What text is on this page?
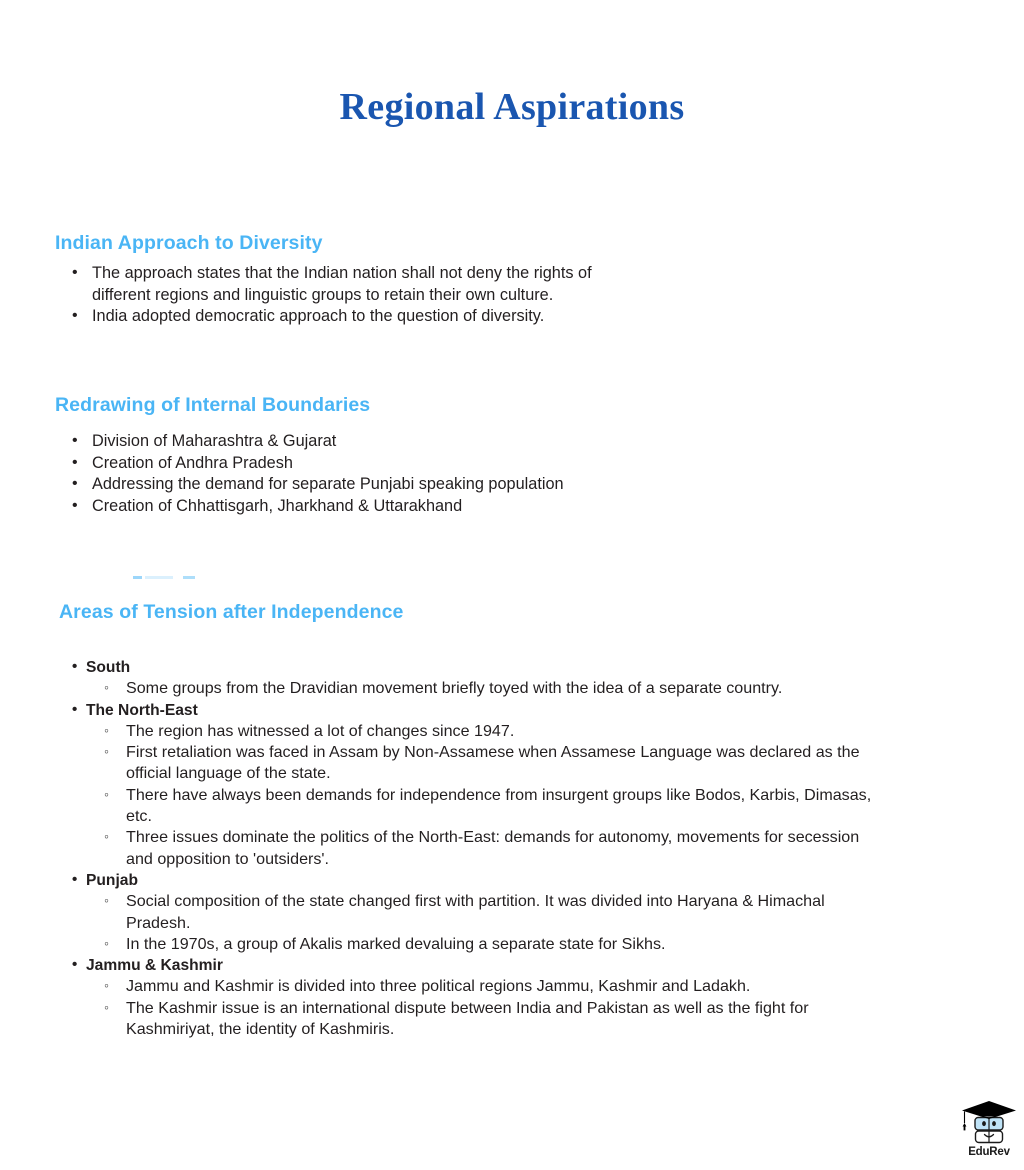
Regional Aspirations
Indian Approach to Diversity
• The approach states that the Indian nation shall not deny the rights of different regions and linguistic groups to retain their own culture.
• India adopted democratic approach to the question of diversity.
Redrawing of Internal Boundaries
• Division of Maharashtra & Gujarat
• Creation of Andhra Pradesh
• Addressing the demand for separate Punjabi speaking population
• Creation of Chhattisgarh, Jharkhand & Uttarakhand
Areas of Tension after Independence
• South
◦ Some groups from the Dravidian movement briefly toyed with the idea of a separate country.
• The North-East
◦ The region has witnessed a lot of changes since 1947.
◦ First retaliation was faced in Assam by Non-Assamese when Assamese Language was declared as the official language of the state.
◦ There have always been demands for independence from insurgent groups like Bodos, Karbis, Dimasas, etc.
◦ Three issues dominate the politics of the North-East: demands for autonomy, movements for secession and opposition to 'outsiders'.
• Punjab
◦ Social composition of the state changed first with partition. It was divided into Haryana & Himachal Pradesh.
◦ In the 1970s, a group of Akalis marked devaluing a separate state for Sikhs.
• Jammu & Kashmir
◦ Jammu and Kashmir is divided into three political regions Jammu, Kashmir and Ladakh.
◦ The Kashmir issue is an international dispute between India and Pakistan as well as the fight for Kashmiriyat, the identity of Kashmiris.
EduRev
